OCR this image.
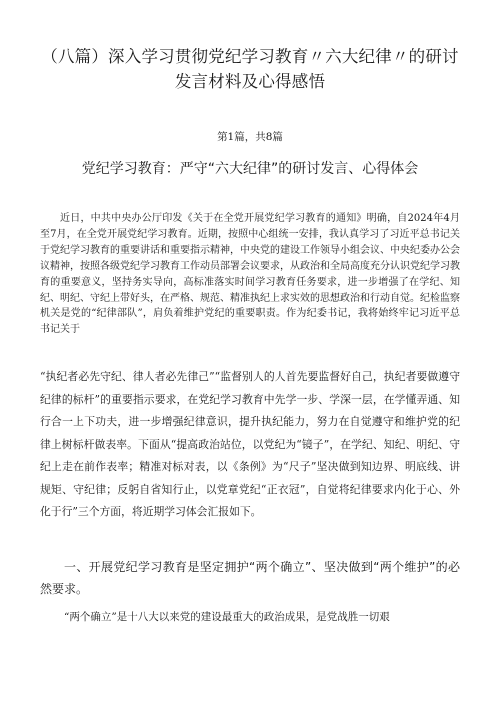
（八篇）深入学习贯彻党纪学习教育〃六大纪律〃的研讨发言材料及心得感悟
第1篇，共8篇
党纪学习教育：严守“六大纪律”的研讨发言、心得体会

近日，中共中央办公厅印发《关于在全党开展党纪学习教育的通知》明确，自2024年4月至7月，在全党开展党纪学习教育。近期，按照中心组统一安排，我认真学习了习近平总书记关于党纪学习教育的重要讲话和重要指示精神，中央党的建设工作领导小组会议、中央纪委办公会议精神，按照各级党纪学习教育工作动员部署会议要求，从政治和全局高度充分认识党纪学习教育的重要意义，坚持务实导向，高标准落实时间学习教育任务要求，进一步增强了在学纪、知纪、明纪、守纪上带好头，在严格、规范、精准执纪上求实效的思想政治和行动自觉。纪检监察机关是党的“纪律部队”，肩负着维护党纪的重要职责。作为纪委书记，我将始终牢记习近平总书记关于

“执纪者必先守纪、律人者必先律己”“监督别人的人首先要监督好自己，执纪者要做遵守纪律的标杆”的重要指示要求，在党纪学习教育中先学一步、学深一层，在学懂弄通、知行合一上下功夫，进一步增强纪律意识，提升执纪能力，努力在自觉遵守和维护党的纪律上树标杆做表率。下面从“提高政治站位，以党纪为“镜子”，在学纪、知纪、明纪、守纪上走在前作表率；精准对标对表，以《条例》为“尺子”坚决做到知边界、明底线、讲规矩、守纪律；反躬自省知行止，以党章党纪“正衣冠”，自觉将纪律要求内化于心、外化于行”三个方面，将近期学习体会汇报如下。

一、开展党纪学习教育是坚定拥护“两个确立”、坚决做到“两个维护”的必然要求。

“两个确立”是十八大以来党的建设最重大的政治成果，是党战胜一切艰
